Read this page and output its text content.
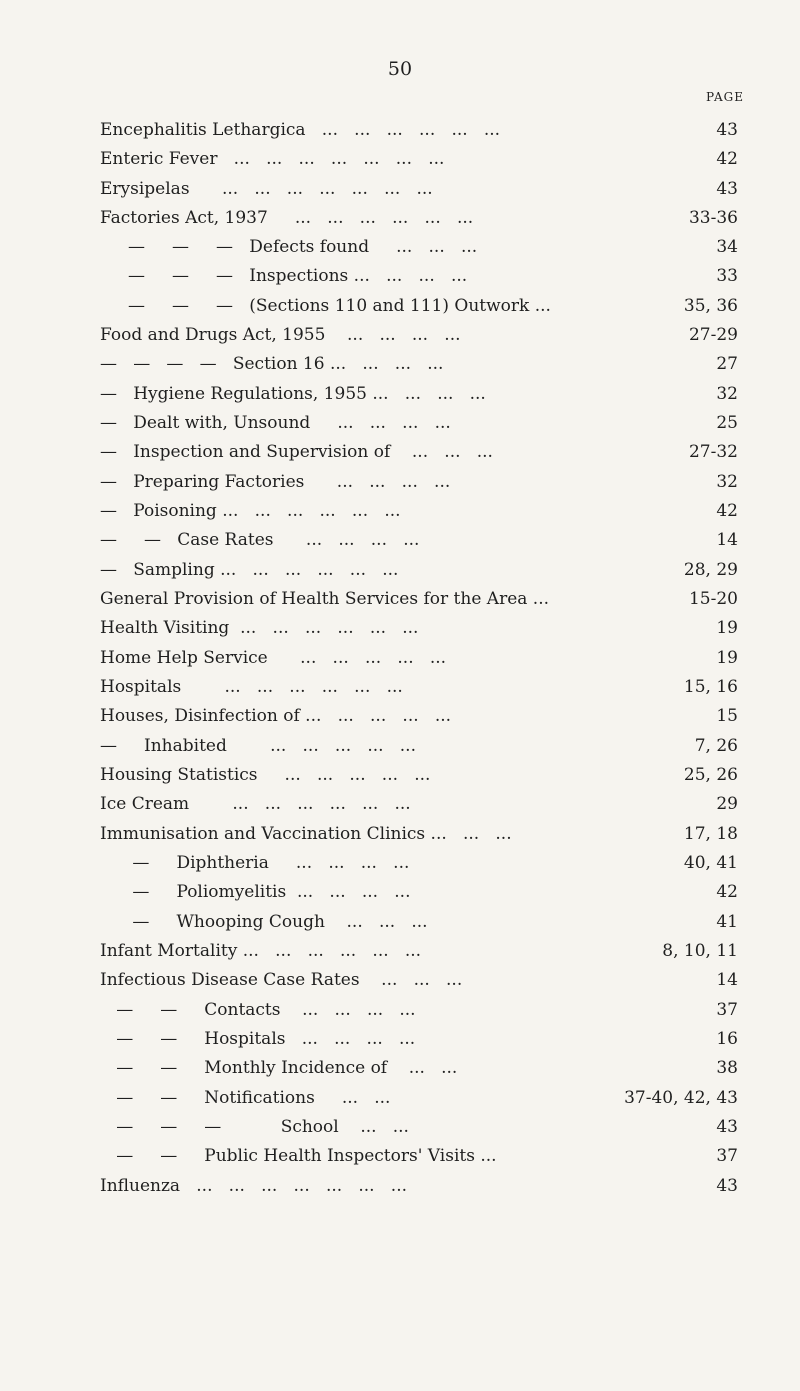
50
PAGE
Encephalitis Lethargica   ...   ...   ...   ...   ...   ...	43
Enteric Fever   ...   ...   ...   ...   ...   ...   ...	42
Erysipelas      ...   ...   ...   ...   ...   ...   ...	43
Factories Act, 1937     ...   ...   ...   ...   ...   ...	33-36
—     —     —   Defects found     ...   ...   ...	34
—     —     —   Inspections ...   ...   ...   ...	33
—     —     —   (Sections 110 and 111) Outwork ...	35, 36
Food and Drugs Act, 1955    ...   ...   ...   ...	27-29
—   —   —   —   Section 16 ...   ...   ...   ...	27
—   Hygiene Regulations, 1955 ...   ...   ...   ...	32
—   Dealt with, Unsound     ...   ...   ...   ...	25
—   Inspection and Supervision of    ...   ...   ...	27-32
—   Preparing Factories      ...   ...   ...   ...	32
—   Poisoning ...   ...   ...   ...   ...   ...	42
—     —   Case Rates      ...   ...   ...   ...	14
—   Sampling ...   ...   ...   ...   ...   ...	28, 29
General Provision of Health Services for the Area ...	15-20
Health Visiting  ...   ...   ...   ...   ...   ...	19
Home Help Service      ...   ...   ...   ...   ...	19
Hospitals        ...   ...   ...   ...   ...   ...	15, 16
Houses, Disinfection of ...   ...   ...   ...   ...	15
—     Inhabited        ...   ...   ...   ...   ...	7, 26
Housing Statistics     ...   ...   ...   ...   ...	25, 26
Ice Cream        ...   ...   ...   ...   ...   ...	29
Immunisation and Vaccination Clinics ...   ...   ...	17, 18
—     Diphtheria     ...   ...   ...   ...	40, 41
—     Poliomyelitis  ...   ...   ...   ...	42
—     Whooping Cough    ...   ...   ...	41
Infant Mortality ...   ...   ...   ...   ...   ...	8, 10, 11
Infectious Disease Case Rates    ...   ...   ...	14
—     —     Contacts    ...   ...   ...   ...	37
—     —     Hospitals   ...   ...   ...   ...	16
—     —     Monthly Incidence of    ...   ...	38
—     —     Notifications     ...   ...	37-40, 42, 43
—     —     —           School    ...   ...	43
—     —     Public Health Inspectors' Visits ...	37
Influenza   ...   ...   ...   ...   ...   ...   ...	43
